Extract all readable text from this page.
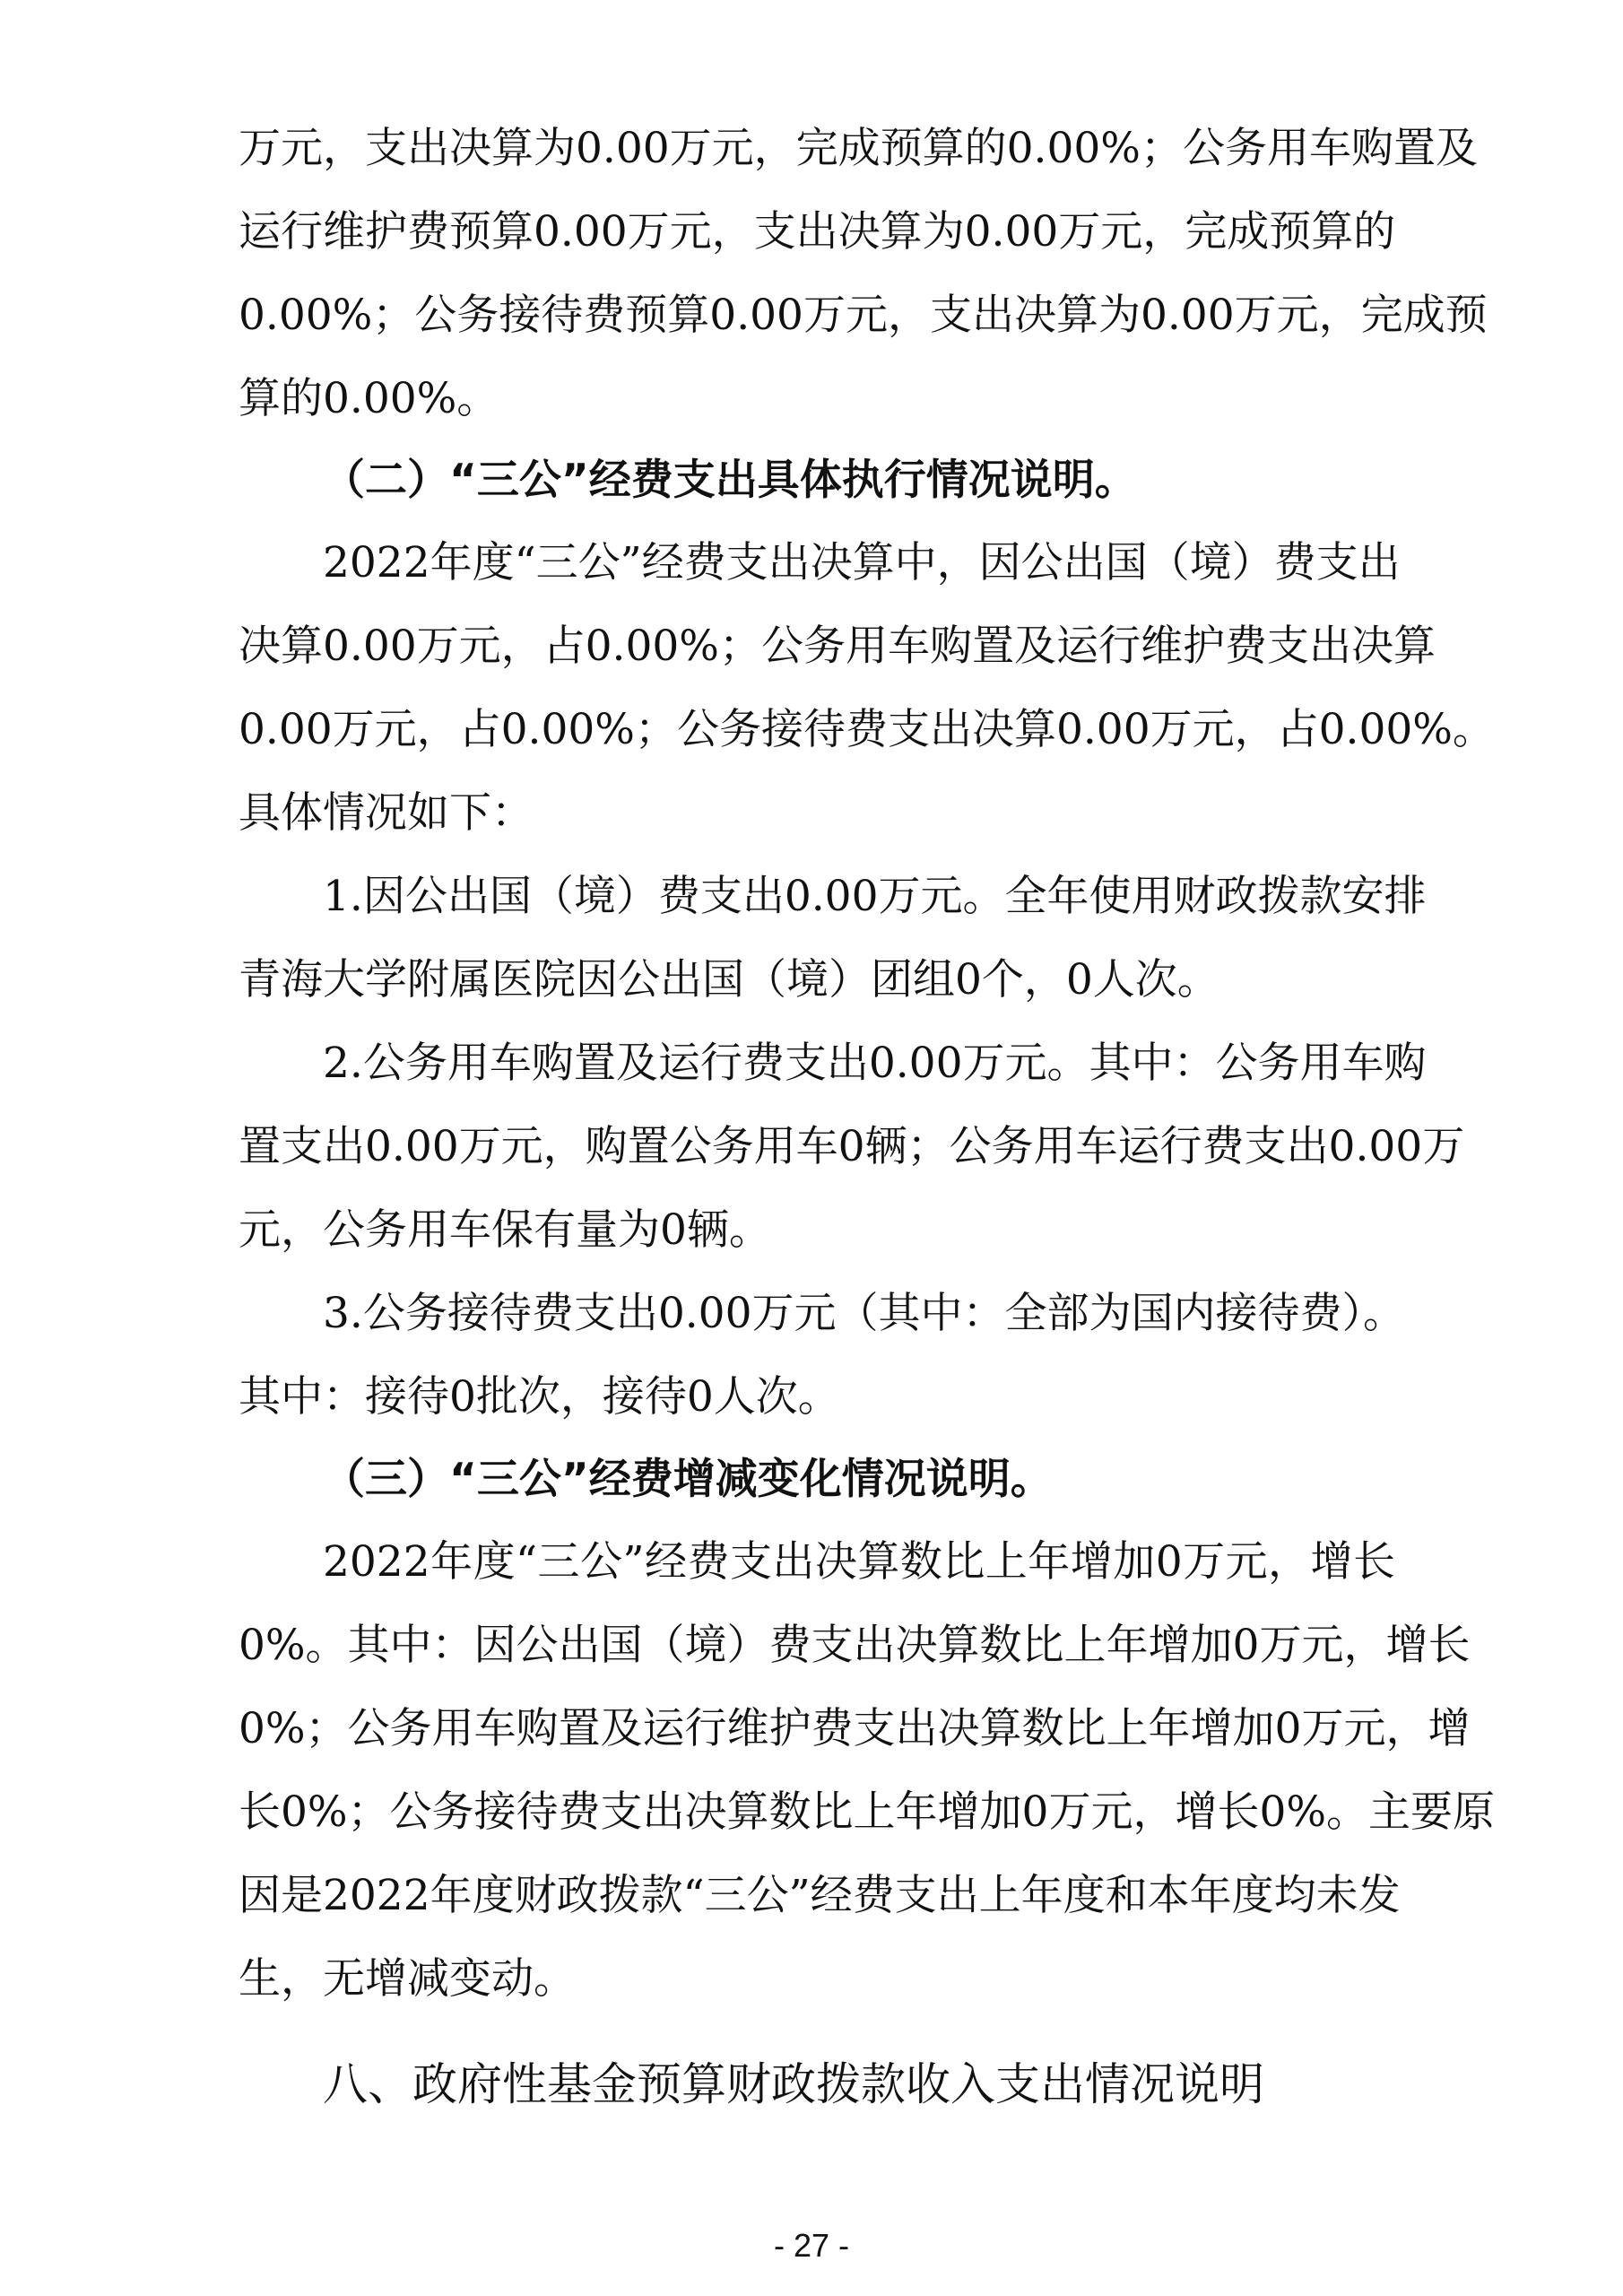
万元，支出决算为0.00万元，完成预算的0.00%；公务用车购置及
运行维护费预算0.00万元，支出决算为0.00万元，完成预算的
0.00%；公务接待费预算0.00万元，支出决算为0.00万元，完成预
算的0.00%。
（二）“三公”经费支出具体执行情况说明。
2022年度“三公”经费支出决算中，因公出国（境）费支出
决算0.00万元，占0.00%；公务用车购置及运行维护费支出决算
0.00万元，占0.00%；公务接待费支出决算0.00万元，占0.00%。
具体情况如下：
1.因公出国（境）费支出0.00万元。全年使用财政拨款安排
青海大学附属医院因公出国（境）团组0个，0人次。
2.公务用车购置及运行费支出0.00万元。其中：公务用车购
置支出0.00万元，购置公务用车0辆；公务用车运行费支出0.00万
元，公务用车保有量为0辆。
3.公务接待费支出0.00万元（其中：全部为国内接待费）。
其中：接待0批次，接待0人次。
（三）“三公”经费增减变化情况说明。
2022年度“三公”经费支出决算数比上年增加0万元，增长
0%。其中：因公出国（境）费支出决算数比上年增加0万元，增长
0%；公务用车购置及运行维护费支出决算数比上年增加0万元，增
长0%；公务接待费支出决算数比上年增加0万元，增长0%。主要原
因是2022年度财政拨款“三公”经费支出上年度和本年度均未发
生，无增减变动。
八、政府性基金预算财政拨款收入支出情况说明
- 27 -
